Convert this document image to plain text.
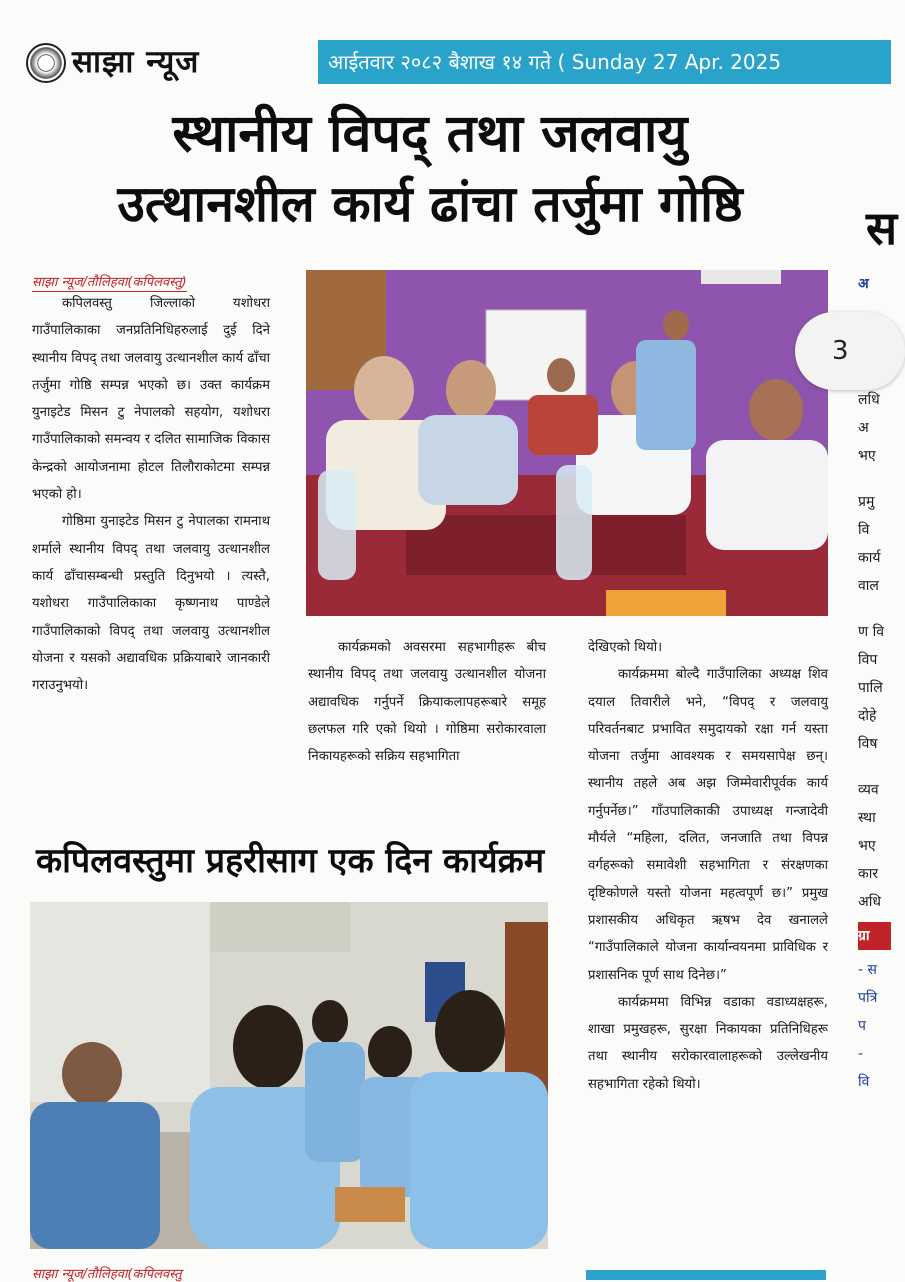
साझा न्यूज	आईतवार २०८२ बैशाख १४ गते ( Sunday 27 Apr. 2025
स्थानीय विपद् तथा जलवायु
उत्थानशील कार्य ढांचा तर्जुमा गोष्ठि
साझा न्यूज/तौलिहवा(कपिलवस्तु)

कपिलवस्तु जिल्लाको यशोधरा गाउँपालिकाका जनप्रतिनिधिहरुलाई दुई दिने स्थानीय विपद् तथा जलवायु उत्थानशील कार्य ढाँचा तर्जुमा गोष्ठि सम्पन्न भएको छ। उक्त कार्यक्रम युनाइटेड मिसन टु नेपालको सहयोग, यशोधरा गाउँपालिकाको समन्वय र दलित सामाजिक विकास केन्द्रको आयोजनामा होटल तिलौराकोटमा सम्पन्न भएको हो।

गोष्ठिमा युनाइटेड मिसन टु नेपालका रामनाथ शर्माले स्थानीय विपद् तथा जलवायु उत्थानशील कार्य ढाँचासम्बन्धी प्रस्तुति दिनुभयो । त्यस्तै, यशोधरा गाउँपालिकाका कृष्णनाथ पाण्डेले गाउँपालिकाको विपद् तथा जलवायु उत्थानशील योजना र यसको अद्यावधिक प्रक्रियाबारे जानकारी गराउनुभयो।

कार्यक्रमको अवसरमा सहभागीहरू बीच स्थानीय विपद् तथा जलवायु उत्थानशील योजना अद्यावधिक गर्नुपर्ने क्रियाकलापहरूबारे समूह छलफल गरि एको थियो । गोष्ठिमा सरोकारवाला निकायहरूको सक्रिय सहभागिता

देखिएको थियो।

कार्यक्रममा बोल्दै गाउँपालिका अध्यक्ष शिव दयाल तिवारीले भने, “विपद् र जलवायु परिवर्तनबाट प्रभावित समुदायको रक्षा गर्न यस्ता योजना तर्जुमा आवश्यक र समयसापेक्ष छन्। स्थानीय तहले अब अझ जिम्मेवारीपूर्वक कार्य गर्नुपर्नेछ।” गाँउपालिकाकी उपाध्यक्ष गन्जादेवी मौर्यले “महिला, दलित, जनजाति तथा विपन्न वर्गहरूको समावेशी सहभागिता र संरक्षणका दृष्टिकोणले यस्तो योजना महत्वपूर्ण छ।” प्रमुख प्रशासकीय अधिकृत ऋषभ देव खनालले “गाउँपालिकाले योजना कार्यान्वयनमा प्राविधिक र प्रशासनिक पूर्ण साथ दिनेछ।”

कार्यक्रममा विभिन्न वडाका वडाध्यक्षहरू, शाखा प्रमुखहरू, सुरक्षा निकायका प्रतिनिधिहरू तथा स्थानीय सरोकारवालाहरूको उल्लेखनीय सहभागिता रहेको थियो।

कपिलवस्तुमा प्रहरीसाग एक दिन कार्यक्रम
स
अ
लधि
अ
भए
प्रमु
वि
कार्य
वाल
ण वि
विप
पालि
दोहे
विष
व्यव
स्था
भए
कार
अधि
ग्रा
- स
पत्रि
प
-
वि
3
साझा न्यूज/तौलिहवा(कपिलवस्तु
